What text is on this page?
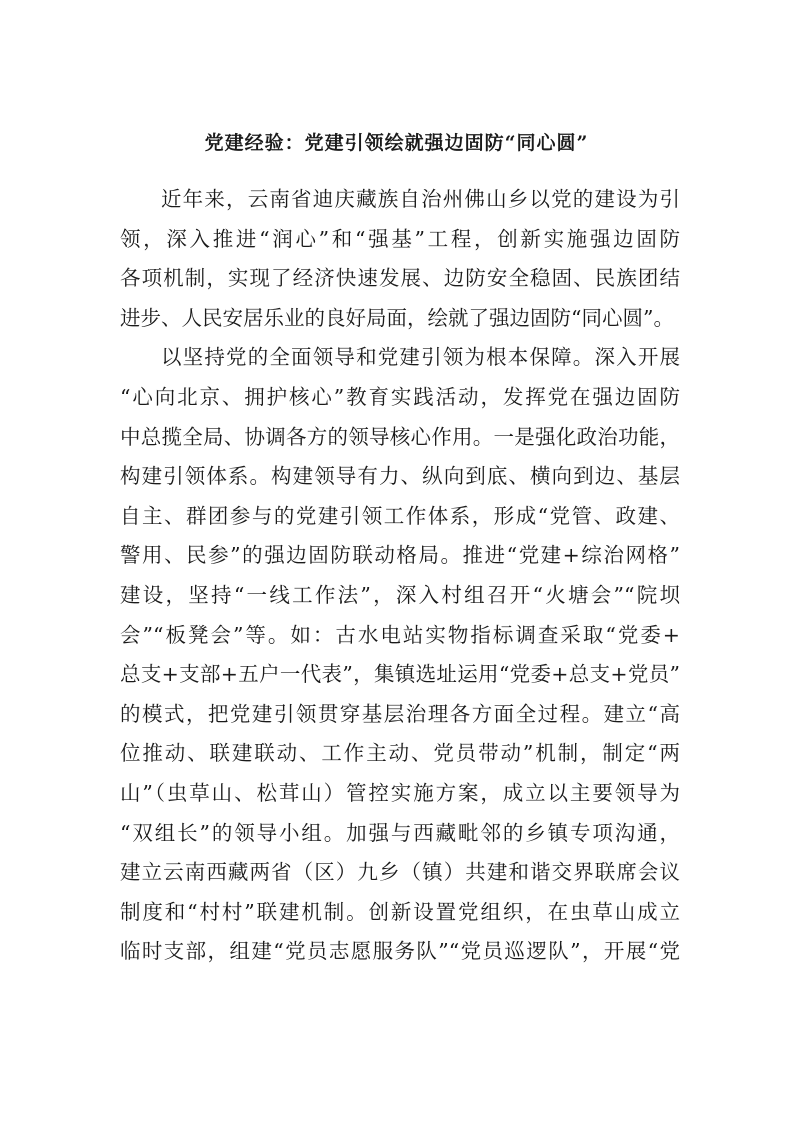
党建经验：党建引领绘就强边固防“同心圆”
近年来，云南省迪庆藏族自治州佛山乡以党的建设为引
领，深入推进“润心”和“强基”工程，创新实施强边固防
各项机制，实现了经济快速发展、边防安全稳固、民族团结
进步、人民安居乐业的良好局面，绘就了强边固防“同心圆”。
以坚持党的全面领导和党建引领为根本保障。深入开展
“心向北京、拥护核心”教育实践活动，发挥党在强边固防
中总揽全局、协调各方的领导核心作用。一是强化政治功能，
构建引领体系。构建领导有力、纵向到底、横向到边、基层
自主、群团参与的党建引领工作体系，形成“党管、政建、
警用、民参”的强边固防联动格局。推进“党建+综治网格”
建设，坚持“一线工作法”，深入村组召开“火塘会”“院坝
会”“板凳会”等。如：古水电站实物指标调查采取“党委+
总支+支部+五户一代表”，集镇选址运用“党委+总支+党员”
的模式，把党建引领贯穿基层治理各方面全过程。建立“高
位推动、联建联动、工作主动、党员带动”机制，制定“两
山”（虫草山、松茸山）管控实施方案，成立以主要领导为
“双组长”的领导小组。加强与西藏毗邻的乡镇专项沟通，
建立云南西藏两省（区）九乡（镇）共建和谐交界联席会议
制度和“村村”联建机制。创新设置党组织，在虫草山成立
临时支部，组建“党员志愿服务队”“党员巡逻队”，开展“党
